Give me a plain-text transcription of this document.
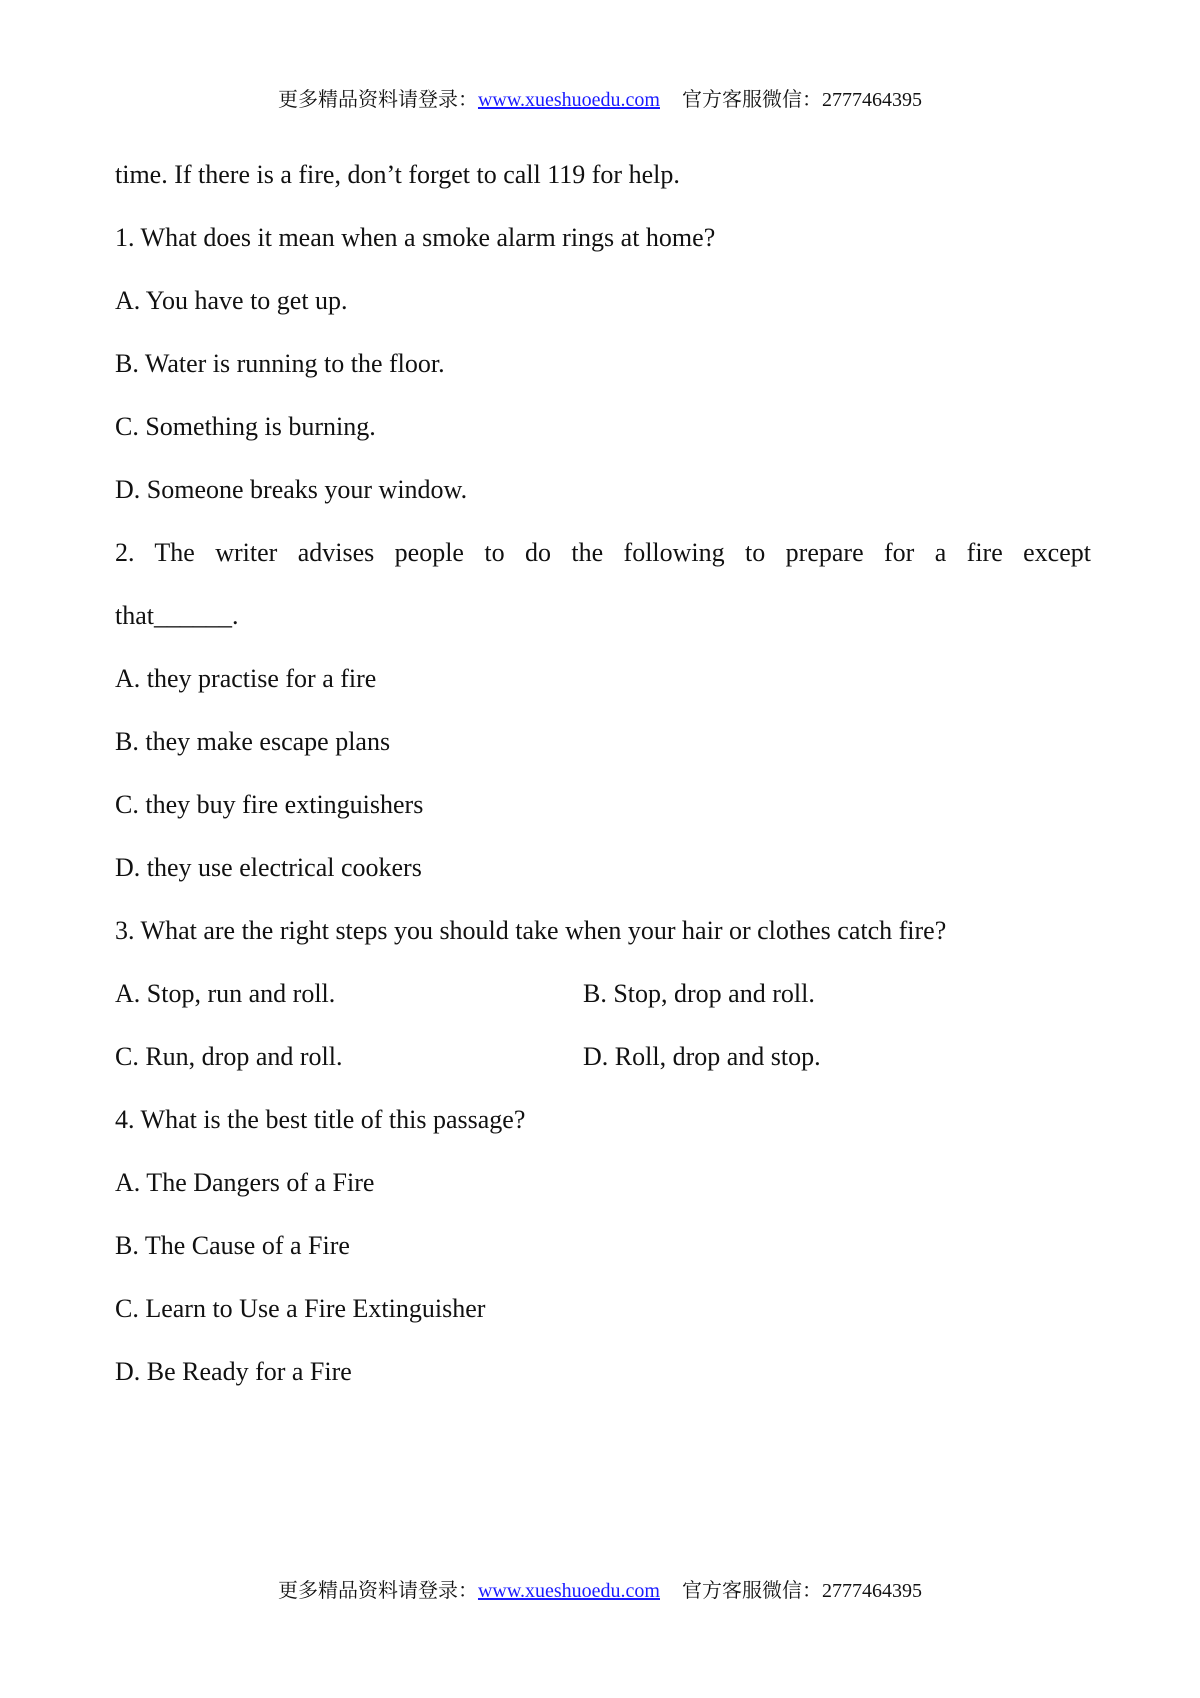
更多精品资料请登录：www.xueshuoedu.com 官方客服微信：2777464395
time. If there is a fire, don’t forget to call 119 for help.
1. What does it mean when a smoke alarm rings at home?
A. You have to get up.
B. Water is running to the floor.
C. Something is burning.
D. Someone breaks your window.
2. The writer advises people to do the following to prepare for a fire except
that______.
A. they practise for a fire
B. they make escape plans
C. they buy fire extinguishers
D. they use electrical cookers
3. What are the right steps you should take when your hair or clothes catch fire?
A. Stop, run and roll.	B. Stop, drop and roll.
C. Run, drop and roll.	D. Roll, drop and stop.
4. What is the best title of this passage?
A. The Dangers of a Fire
B. The Cause of a Fire
C. Learn to Use a Fire Extinguisher
D. Be Ready for a Fire
更多精品资料请登录：www.xueshuoedu.com 官方客服微信：2777464395
